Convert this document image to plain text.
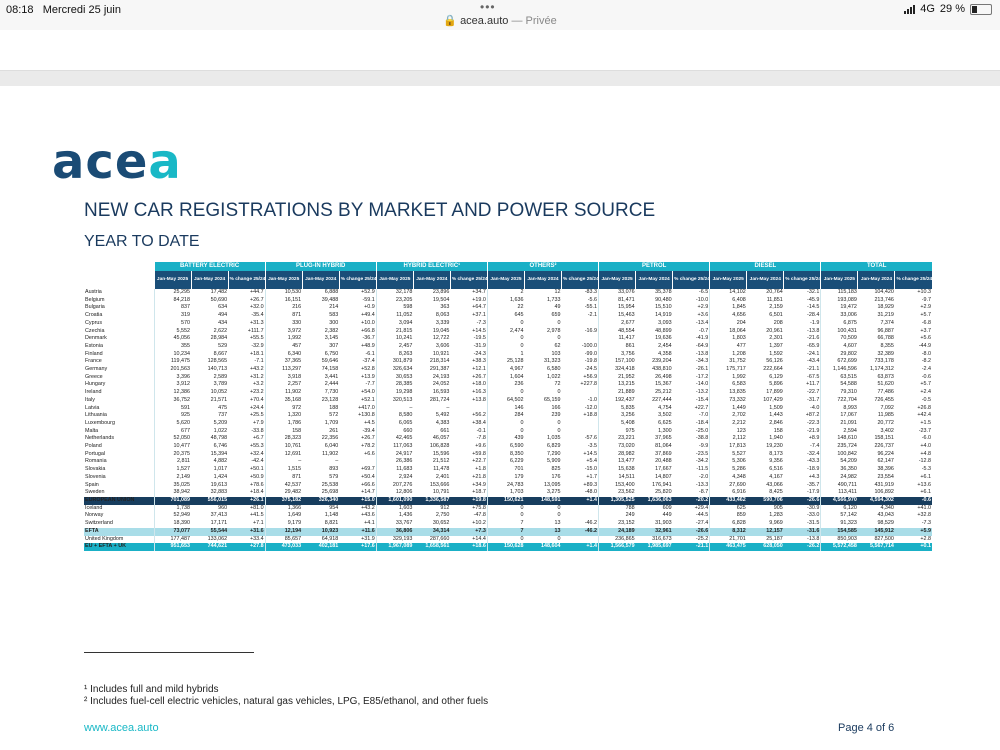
08:18 Mercredi 25 juin	•••
🔒 acea.auto — Privée
4G 29 %
acea
NEW CAR REGISTRATIONS BY MARKET AND POWER SOURCE
YEAR TO DATE
	BATTERY ELECTRIC			PLUG-IN HYBRID			HYBRID ELECTRIC¹			OTHERS²			PETROL			DIESEL			TOTAL		
	Jan-May 2025	Jan-May 2024	% change 25/24	Jan-May 2025	Jan-May 2024	% change 25/24	Jan-May 2025	Jan-May 2024	% change 25/24	Jan-May 2025	Jan-May 2024	% change 25/24	Jan-May 2025	Jan-May 2024	% change 25/24	Jan-May 2025	Jan-May 2024	% change 25/24	Jan-May 2025	Jan-May 2024	% change 25/24
Austria	25,295	17,482	+44.7	10,530	6,888	+52.9	32,178	23,896	+34.7	2	12	-83.3	33,076	35,378	-6.5	14,102	20,764	-32.1	115,183	104,420	+10.3
Belgium	84,218	50,690	+26.7	16,151	39,488	-59.1	23,205	19,504	+19.0	1,636	1,733	-5.6	81,471	90,480	-10.0	6,408	11,851	-45.9	193,089	213,746	-9.7
Bulgaria	837	634	+32.0	216	214	+0.9	598	363	+64.7	22	49	-55.1	15,954	15,510	+2.9	1,845	2,159	-14.5	19,472	18,929	+2.9
Croatia	319	494	-35.4	871	583	+49.4	11,052	8,063	+37.1	645	659	-2.1	15,463	14,919	+3.6	4,656	6,501	-28.4	33,006	31,219	+5.7
Cyprus	570	434	+31.3	330	300	+10.0	3,094	3,339	-7.3	0	0		2,677	3,093	-13.4	204	208	-1.9	6,875	7,374	-6.8
Czechia	5,552	2,622	+111.7	3,972	2,382	+66.8	21,815	19,045	+14.5	2,474	2,978	-16.9	48,554	48,899	-0.7	18,064	20,961	-13.8	100,431	96,887	+3.7
Denmark	45,056	28,984	+55.5	1,992	3,145	-36.7	10,241	12,722	-19.5	0	0		11,417	19,636	-41.9	1,803	2,301	-21.6	70,509	66,788	+5.6
Estonia	355	529	-32.9	457	307	+48.9	2,457	3,606	-31.9	0	62	-100.0	861	2,454	-64.9	477	1,397	-65.9	4,607	8,355	-44.9
Finland	10,234	8,667	+18.1	6,340	6,750	-6.1	8,263	10,921	-24.3	1	103	-99.0	3,756	4,358	-13.8	1,208	1,592	-24.1	29,802	32,389	-8.0
France	119,475	128,565	-7.1	37,365	59,646	-37.4	301,879	218,314	+38.3	25,128	31,323	-19.8	157,100	239,204	-34.3	31,752	56,126	-43.4	672,699	733,178	-8.2
Germany	201,563	140,713	+43.2	113,297	74,158	+52.8	326,634	291,387	+12.1	4,967	6,580	-24.5	324,418	438,810	-26.1	175,717	222,664	-21.1	1,146,596	1,174,312	-2.4
Greece	3,396	2,589	+31.2	3,918	3,441	+13.9	30,653	24,193	+26.7	1,604	1,022	+56.9	21,952	26,498	-17.2	1,992	6,129	-67.5	63,515	63,873	-0.6
Hungary	3,912	3,789	+3.2	2,257	2,444	-7.7	28,385	24,052	+18.0	236	72	+227.8	13,215	15,367	-14.0	6,583	5,896	+11.7	54,588	51,620	+5.7
Ireland	12,386	10,052	+23.2	11,902	7,730	+54.0	19,298	16,593	+16.3	0	0		21,889	25,212	-13.2	13,835	17,899	-22.7	79,310	77,486	+2.4
Italy	36,752	21,571	+70.4	35,168	23,128	+52.1	320,513	281,724	+13.8	64,502	65,159	-1.0	192,437	227,444	-15.4	73,332	107,429	-31.7	722,704	726,455	-0.5
Latvia	591	475	+24.4	972	188	+417.0	–	–		146	166	-12.0	5,835	4,754	+22.7	1,449	1,509	-4.0	8,993	7,092	+26.8
Lithuania	925	737	+25.5	1,320	572	+130.8	8,580	5,492	+56.2	284	239	+18.8	3,256	3,502	-7.0	2,702	1,443	+87.2	17,067	11,985	+42.4
Luxembourg	5,620	5,209	+7.9	1,786	1,709	+4.5	6,065	4,383	+38.4	0	0		5,408	6,625	-18.4	2,212	2,846	-22.3	21,091	20,772	+1.5
Malta	677	1,022	-33.8	158	261	-39.4	660	661	-0.1	0	0		975	1,300	-25.0	123	158	-21.9	2,594	3,402	-23.7
Netherlands	52,050	48,798	+6.7	28,323	22,356	+26.7	42,465	46,057	-7.8	439	1,035	-57.6	23,221	37,965	-38.8	2,112	1,940	+8.9	148,610	158,151	-6.0
Poland	10,477	6,746	+55.3	10,761	6,040	+78.2	117,063	106,828	+9.6	6,590	6,829	-3.5	73,020	81,064	-9.9	17,813	19,230	-7.4	235,724	226,737	+4.0
Portugal	20,375	15,394	+32.4	12,691	11,902	+6.6	24,917	15,596	+59.8	8,350	7,290	+14.5	28,982	37,869	-23.5	5,527	8,173	-32.4	100,842	96,224	+4.8
Romania	2,811	4,882	-42.4	–	–		26,386	21,512	+22.7	6,229	5,909	+5.4	13,477	20,488	-34.2	5,306	9,356	-43.3	54,209	62,147	-12.8
Slovakia	1,527	1,017	+50.1	1,515	893	+69.7	11,683	11,478	+1.8	701	825	-15.0	15,638	17,667	-11.5	5,286	6,516	-18.9	36,350	38,396	-5.3
Slovenia	2,149	1,424	+50.9	871	579	+50.4	2,924	2,401	+21.8	179	176	+1.7	14,511	14,807	-2.0	4,348	4,167	+4.3	24,982	23,554	+6.1
Spain	35,025	19,613	+78.6	42,537	25,538	+66.6	207,276	153,666	+34.9	24,783	13,095	+89.3	153,400	176,941	-13.3	27,690	43,066	-35.7	490,711	431,919	+13.6
Sweden	38,942	32,883	+18.4	29,482	25,698	+14.7	12,806	10,791	+18.7	1,703	3,275	-48.0	23,562	25,820	-8.7	6,916	8,425	-17.9	113,411	106,892	+6.1
EUROPEAN UNION	701,089	556,015	+26.1	375,182	326,340	+15.0	1,601,090	1,336,587	+19.8	150,621	148,591	+1.4	1,305,525	1,636,063	-20.2	433,462	590,706	-26.6	4,566,970	4,594,302	-0.6
Iceland	1,738	960	+81.0	1,366	954	+43.2	1,603	912	+75.8	0	0		788	609	+29.4	625	905	-30.9	6,120	4,340	+41.0
Norway	52,949	37,413	+41.5	1,649	1,148	+43.6	1,436	2,750	-47.8	0	0		249	449	-44.5	859	1,283	-33.0	57,142	43,043	+32.8
Switzerland	18,390	17,171	+7.1	9,179	8,821	+4.1	33,767	30,652	+10.2	7	13	-46.2	23,152	31,903	-27.4	6,828	9,969	-31.5	91,323	98,529	-7.3
EFTA	73,077	55,544	+31.6	12,194	10,923	+11.6	36,806	34,314	+7.3	7	13	-46.2	24,189	32,961	-26.6	8,312	12,157	-31.6	154,585	145,912	+5.9
United Kingdom	177,487	133,062	+33.4	85,657	64,918	+31.9	329,193	287,660	+14.4	0	0		236,865	316,673	-25.2	21,701	25,187	-13.8	850,903	827,500	+2.8
EU + EFTA + UK	951,653	744,621	+27.8	473,033	402,181	+17.6	1,967,089	1,658,561	+18.6	150,628	148,604	+1.4	1,566,579	1,985,697	-21.1	463,475	628,050	-26.2	5,572,458	5,567,714	+0.1
¹ Includes full and mild hybrids
² Includes fuel-cell electric vehicles, natural gas vehicles, LPG, E85/ethanol, and other fuels
www.acea.auto	Page 4 of 6
